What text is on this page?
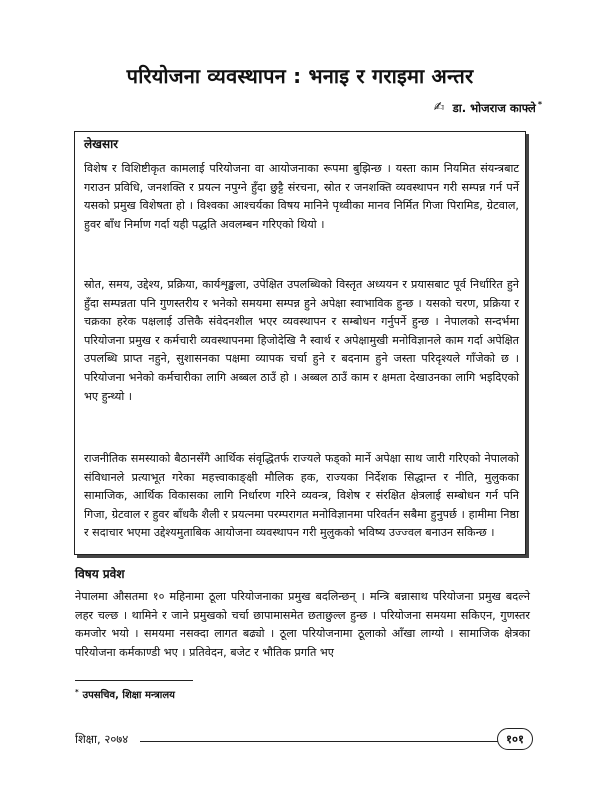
परियोजना व्यवस्थापन : भनाइ र गराइमा अन्तर
✍ डा. भोजराज काफ्ले *
लेखसार

विशेष र विशिष्टीकृत कामलाई परियोजना वा आयोजनाका रूपमा बुझिन्छ । यस्ता काम नियमित संयन्त्रबाट गराउन प्रविधि, जनशक्ति र प्रयत्न नपुग्ने हुँदा छुट्टै संरचना, स्रोत र जनशक्ति व्यवस्थापन गरी सम्पन्न गर्न पर्ने यसको प्रमुख विशेषता हो । विश्वका आश्चर्यका विषय मानिने पृथ्वीका मानव निर्मित गिजा पिरामिड, ग्रेटवाल, हुवर बाँध निर्माण गर्दा यही पद्धति अवलम्बन गरिएको थियो ।

स्रोत, समय, उद्देश्य, प्रक्रिया, कार्यशृङ्खला, उपेक्षित उपलब्धिको विस्तृत अध्ययन र प्रयासबाट पूर्व निर्धारित हुने हुँदा सम्पन्नता पनि गुणस्तरीय र भनेको समयमा सम्पन्न हुने अपेक्षा स्वाभाविक हुन्छ । यसको चरण, प्रक्रिया र चक्रका हरेक पक्षलाई उत्तिकै संवेदनशील भएर व्यवस्थापन र सम्बोधन गर्नुपर्ने हुन्छ । नेपालको सन्दर्भमा परियोजना प्रमुख र कर्मचारी व्यवस्थापनमा हिजोदेखि नै स्वार्थ र अपेक्षामुखी मनोविज्ञानले काम गर्दा अपेक्षित उपलब्धि प्राप्त नहुने, सुशासनका पक्षमा व्यापक चर्चा हुने र बदनाम हुने जस्ता परिदृश्यले गाँजेको छ । परियोजना भनेको कर्मचारीका लागि अब्बल ठाउँ हो । अब्बल ठाउँ काम र क्षमता देखाउनका लागि भइदिएको भए हुन्थ्यो ।

राजनीतिक समस्याको बैठानसँगै आर्थिक संवृद्धितर्फ राज्यले फड्को मार्ने अपेक्षा साथ जारी गरिएको नेपालको संविधानले प्रत्याभूत गरेका महत्त्वाकाङ्क्षी मौलिक हक, राज्यका निर्देशक सिद्धान्त र नीति, मुलुकका सामाजिक, आर्थिक विकासका लागि निर्धारण गरिने व्यवन्त्र, विशेष र संरक्षित क्षेत्रलाई सम्बोधन गर्न पनि गिजा, ग्रेटवाल र हुवर बाँधकै शैली र प्रयत्नमा परम्परागत मनोविज्ञानमा परिवर्तन सबैमा हुनुपर्छ । हामीमा निष्ठा र सदाचार भएमा उद्देश्यमुताबिक आयोजना व्यवस्थापन गरी मुलुकको भविष्य उज्ज्वल बनाउन सकिन्छ ।

विषय प्रवेश

नेपालमा औसतमा १० महिनामा ठूला परियोजनाका प्रमुख बदलिन्छन् । मन्त्रि बन्नासाथ परियोजना प्रमुख बदल्ने लहर चल्छ । थामिने र जाने प्रमुखको चर्चा छापामासमेत छताछुल्ल हुन्छ । परियोजना समयमा सकिएन, गुणस्तर कमजोर भयो । समयमा नसक्दा लागत बढ्यो । ठूला परियोजनामा ठूलाको आँखा लाग्यो । सामाजिक क्षेत्रका परियोजना कर्मकाण्डी भए । प्रतिवेदन, बजेट र भौतिक प्रगति भए

* उपसचिव, शिक्षा मन्त्रालय
शिक्षा, २०७४	१०१
